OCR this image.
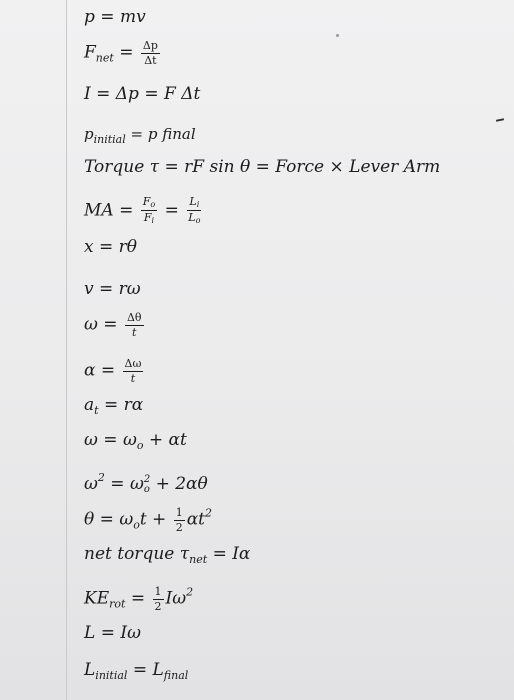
p = mv
$F_{net} = \frac{\Delta p}{\Delta t}$
I = Δp = F Δt
$p_{initial} = p$ final
Torque τ = rF sin θ = Force × Lever Arm
MA = $\frac{Fo}{Fi} = \frac{Li}{Lo}$
x = rθ
v = rω
$\omega = \frac{\Delta\theta}{t}$
$\alpha = \frac{\Delta\omega}{t}$
$a_t = r\alpha$
$\omega = \omega_o + \alpha t$
$\omega^2 = \omega$ 2
o + 2αθ
$\theta = \omega_ot + \frac{1}{2} \alpha t^2$
net torque $\tau_{net} = I\alpha$
$KE_{rot} = \frac{1}{2} I\omega^2$
L = Iω
$L_{initial} = L_{final}$
